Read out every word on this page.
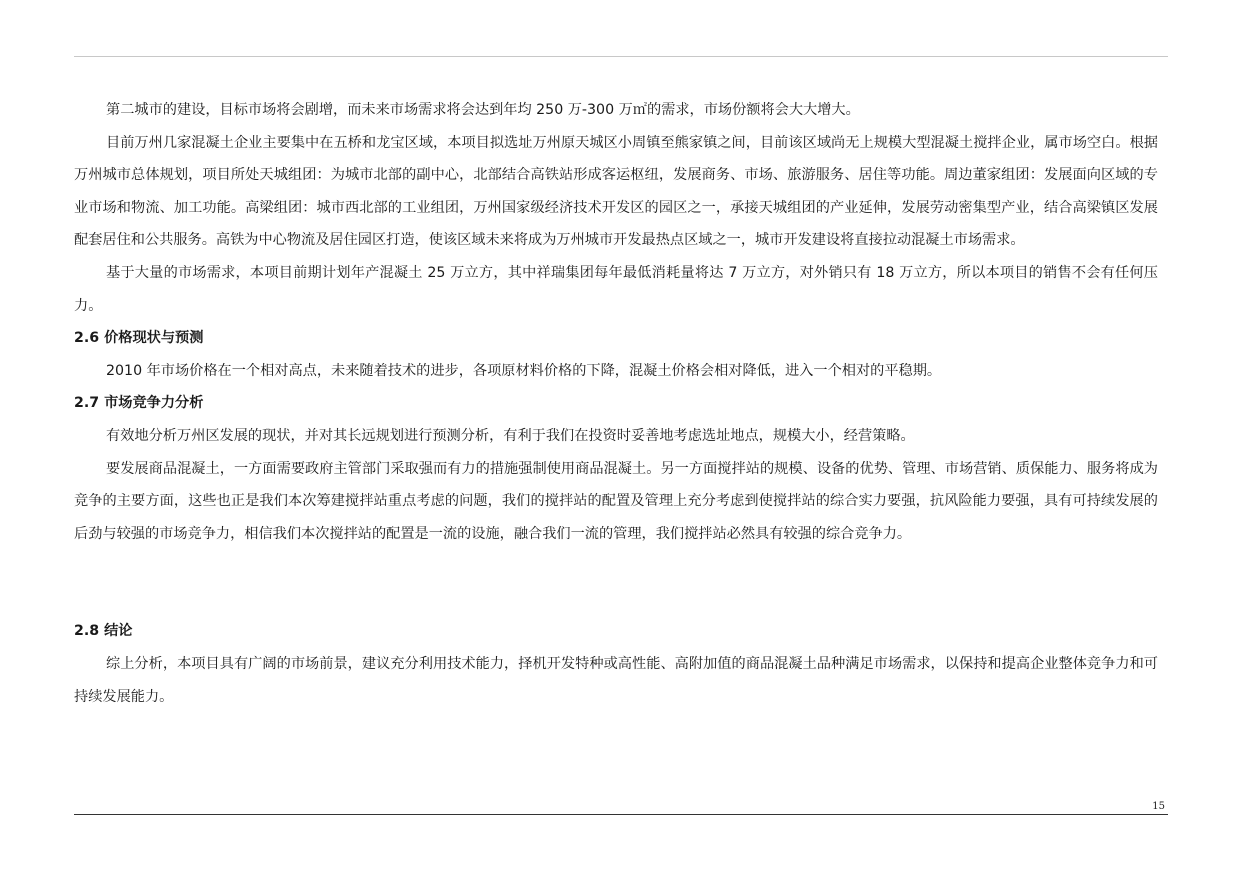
第二城市的建设，目标市场将会剧增，而未来市场需求将会达到年均 250 万-300 万㎡的需求，市场份额将会大大增大。

目前万州几家混凝土企业主要集中在五桥和龙宝区域，本项目拟选址万州原天城区小周镇至熊家镇之间，目前该区域尚无上规模大型混凝土搅拌企业，属市场空白。根据万州城市总体规划，项目所处天城组团：为城市北部的副中心，北部结合高铁站形成客运枢纽，发展商务、市场、旅游服务、居住等功能。周边董家组团：发展面向区域的专业市场和物流、加工功能。高梁组团：城市西北部的工业组团，万州国家级经济技术开发区的园区之一，承接天城组团的产业延伸，发展劳动密集型产业，结合高梁镇区发展配套居住和公共服务。高铁为中心物流及居住园区打造，使该区域未来将成为万州城市开发最热点区域之一，城市开发建设将直接拉动混凝土市场需求。

基于大量的市场需求，本项目前期计划年产混凝土 25 万立方，其中祥瑞集团每年最低消耗量将达 7 万立方，对外销只有 18 万立方，所以本项目的销售不会有任何压力。

2.6 价格现状与预测

2010 年市场价格在一个相对高点，未来随着技术的进步，各项原材料价格的下降，混凝土价格会相对降低，进入一个相对的平稳期。

2.7 市场竞争力分析

有效地分析万州区发展的现状，并对其长远规划进行预测分析，有利于我们在投资时妥善地考虑选址地点，规模大小，经营策略。

要发展商品混凝土，一方面需要政府主管部门采取强而有力的措施强制使用商品混凝土。另一方面搅拌站的规模、设备的优势、管理、市场营销、质保能力、服务将成为竞争的主要方面，这些也正是我们本次筹建搅拌站重点考虑的问题，我们的搅拌站的配置及管理上充分考虑到使搅拌站的综合实力要强，抗风险能力要强，具有可持续发展的后劲与较强的市场竞争力，相信我们本次搅拌站的配置是一流的设施，融合我们一流的管理，我们搅拌站必然具有较强的综合竞争力。

2.8 结论

综上分析，本项目具有广阔的市场前景，建议充分利用技术能力，择机开发特种或高性能、高附加值的商品混凝土品种满足市场需求，以保持和提高企业整体竞争力和可持续发展能力。

15
